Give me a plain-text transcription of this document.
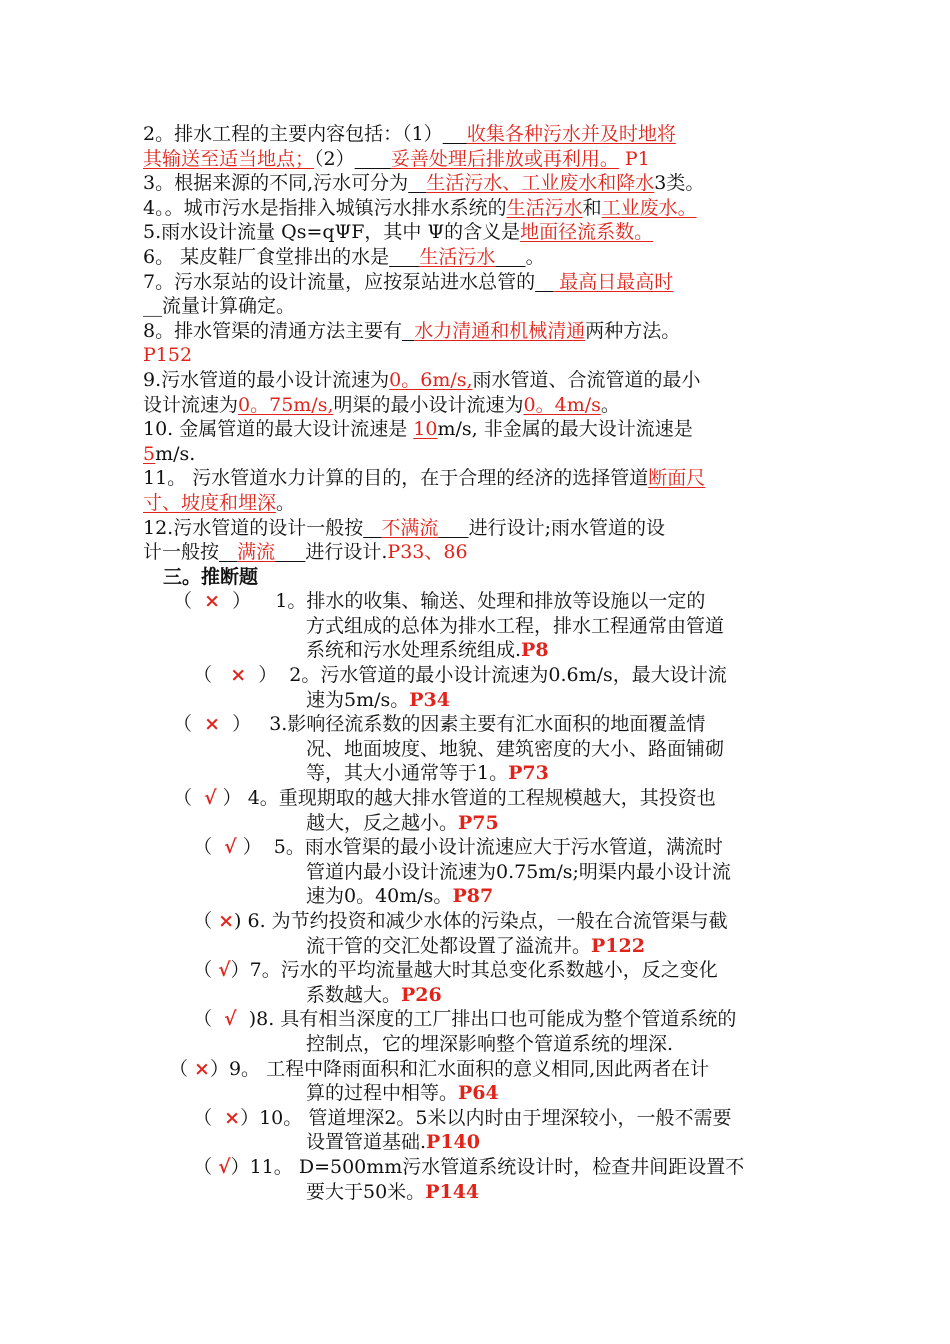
2。排水工程的主要内容包括：（1） 收集各种污水并及时地将
其输送至适当地点；（2） 妥善处理后排放或再利用。 P1
3。根据来源的不同,污水可分为 生活污水、工业废水和降水3类。
4。。城市污水是指排入城镇污水排水系统的生活污水和工业废水。
5.雨水设计流量 Qs=qΨF，其中 Ψ的含义是地面径流系数。
6。 某皮鞋厂食堂排出的水是 生活污水 。
7。污水泵站的设计流量，应按泵站进水总管的    最高日最高时
__流量计算确定。
8。排水管渠的清通方法主要有 水力清通和机械清通两种方法。
P152
9.污水管道的最小设计流速为0。6m/s,雨水管道、合流管道的最小
设计流速为0。75m/s,明渠的最小设计流速为0。4m/s。
10. 金属管道的最大设计流速是 10m/s, 非金属的最大设计流速是
5m/s.
11。 污水管道水力计算的目的，在于合理的经济的选择管道断面尺
寸、坡度和埋深。
12.污水管道的设计一般按 不满流 进行设计;雨水管道的设
计一般按 满流 进行设计.P33、86
三。推断题
（  ×  ）    1。排水的收集、输送、处理和排放等设施以一定的
方式组成的总体为排水工程，排水工程通常由管道
系统和污水处理系统组成.P8
（   ×  ）  2。污水管道的最小设计流速为0.6m/s，最大设计流
速为5m/s。P34
（  ×  ）   3.影响径流系数的因素主要有汇水面积的地面覆盖情
况、地面坡度、地貌、建筑密度的大小、路面铺砌
等，其大小通常等于1。P73
（  √ ） 4。重现期取的越大排水管道的工程规模越大，其投资也
越大，反之越小。P75
（  √ ）  5。雨水管渠的最小设计流速应大于污水管道，满流时
管道内最小设计流速为0.75m/s;明渠内最小设计流
速为0。40m/s。P87
（ ×) 6. 为节约投资和减少水体的污染点，一般在合流管渠与截
流干管的交汇处都设置了溢流井。P122
（ √）7。污水的平均流量越大时其总变化系数越小，反之变化
系数越大。P26
（  √  )8. 具有相当深度的工厂排出口也可能成为整个管道系统的
控制点，它的埋深影响整个管道系统的埋深.
（ ×）9。 工程中降雨面积和汇水面积的意义相同,因此两者在计
算的过程中相等。P64
（  ×）10。 管道埋深2。5米以内时由于埋深较小，一般不需要
设置管道基础.P140
（ √）11。 D=500mm污水管道系统设计时，检查井间距设置不
要大于50米。P144
